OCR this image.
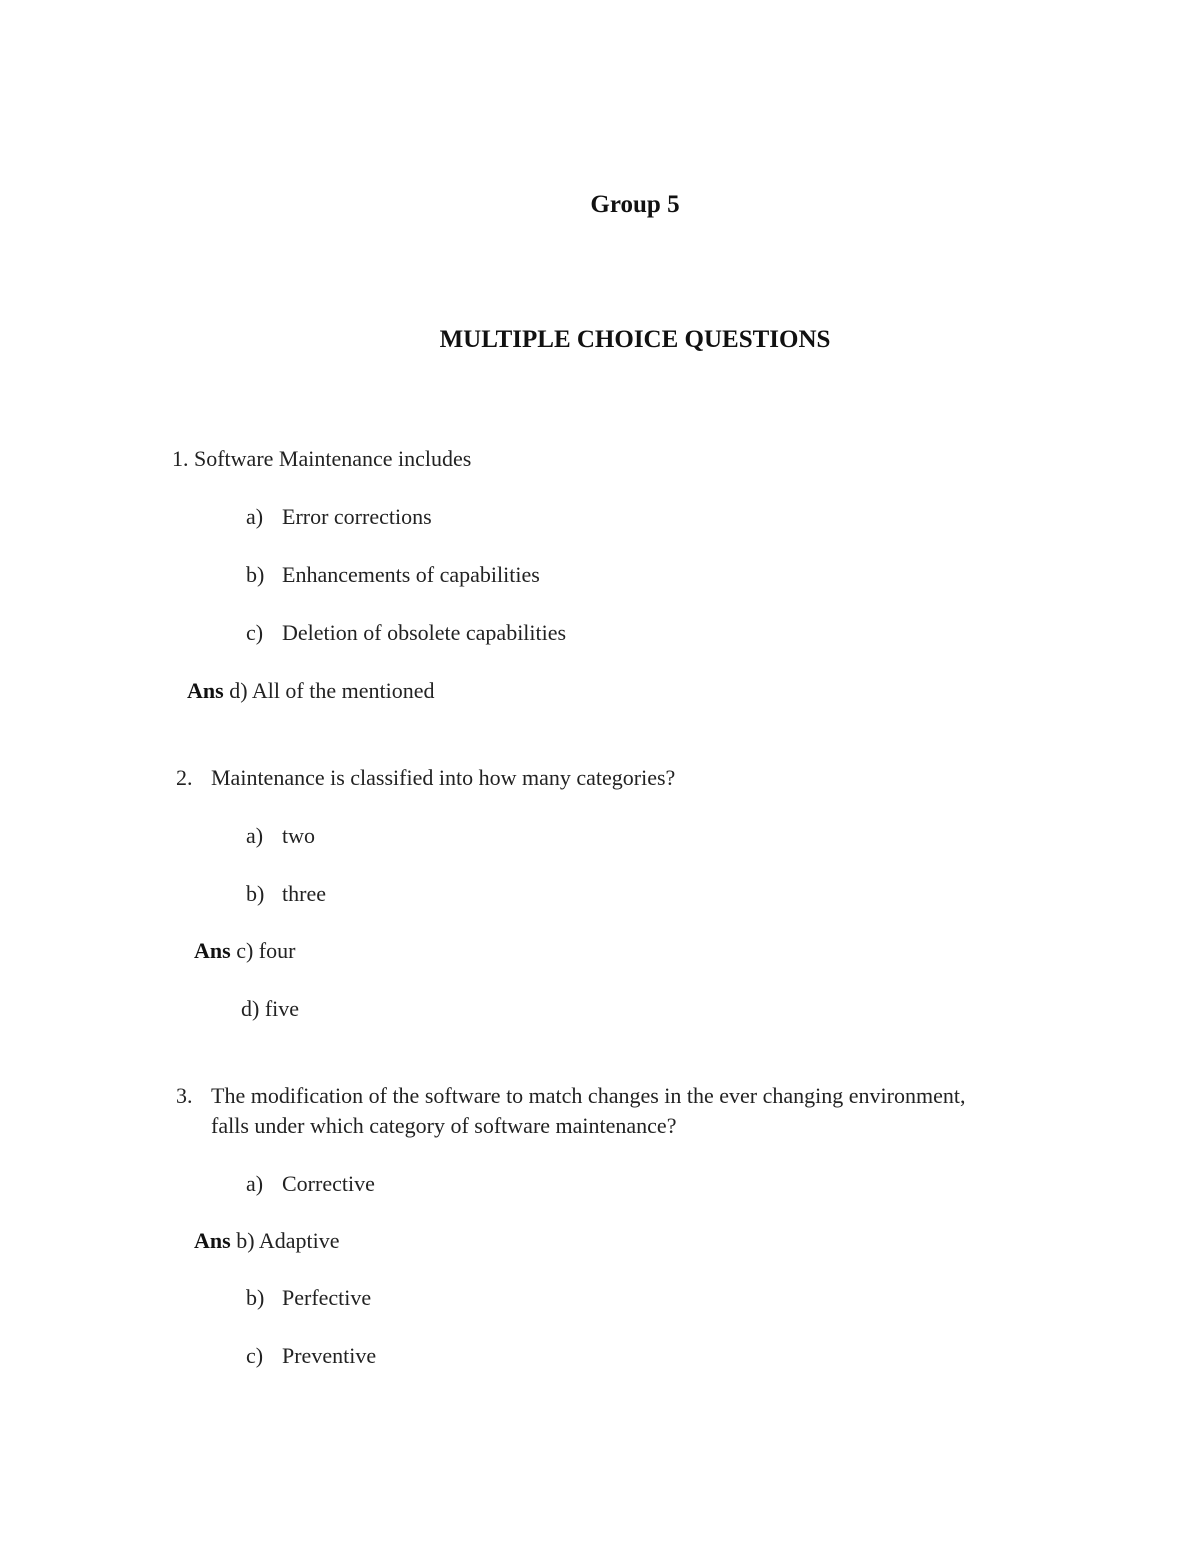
Group 5
MULTIPLE CHOICE QUESTIONS
1. Software Maintenance includes
a) Error corrections
b) Enhancements of capabilities
c) Deletion of obsolete capabilities
Ans d) All of the mentioned
2. Maintenance is classified into how many categories?
a) two
b) three
Ans c) four
d) five
3. The modification of the software to match changes in the ever changing environment,
falls under which category of software maintenance?
a) Corrective
Ans b) Adaptive
b) Perfective
c) Preventive
